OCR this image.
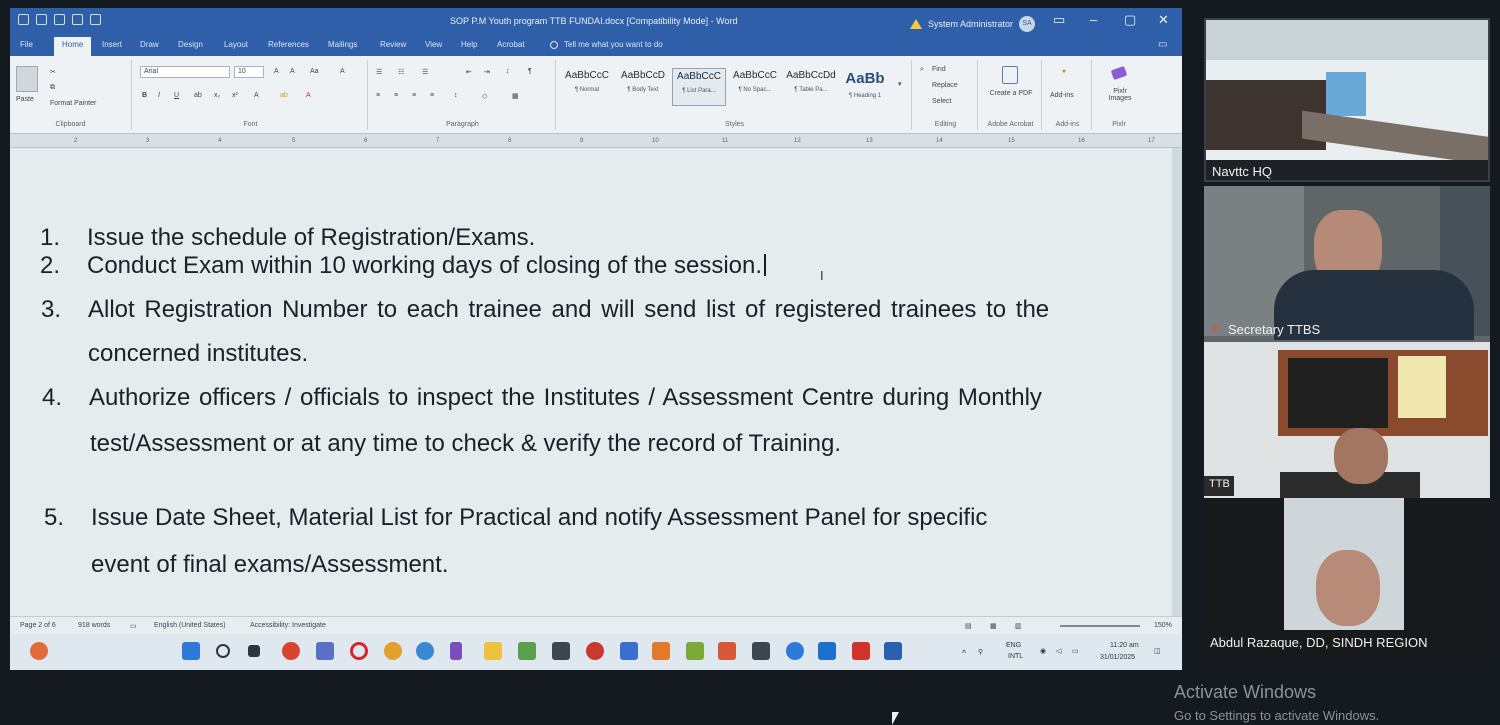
SOP P.M Youth program TTB FUNDAI.docx [Compatibility Mode] - Word	System Administrator	SA ▭ – ▢ ✕
File	Home	Insert Draw Design	Layout References Mailings	Review View Help Acrobat	Tell me what you want to do	▭
Paste
✂
⧉
Format Painter
Clipboard
Arial	10	A A Aa	A
B I U ab x₂ x² A	ab	A
Font
☰ ☷	☰	⇤ ⇥ ↕	¶
≡ ≡ ≡ ≡	↕	◇	▦
Paragraph
AaBbCcC
¶ Normal
AaBbCcD
¶ Body Text
AaBbCcC
¶ List Para...
AaBbCcC
¶ No Spac...
AaBbCcDd
¶ Table Pa...
AaBb
¶ Heading 1
▾
Styles
⌕ Find
Replace
Select
Editing
Create a PDF
Adobe Acrobat
●
Add-ins
Add-ins
Pixlr Images
Pixlr
2	3	4	5	6	7	8	9	10	11	12	13	14	15	16	17
1. Issue the schedule of Registration/Exams.
2. Conduct Exam within 10 working days of closing of the session.
3. Allot Registration Number to each trainee and will send list of registered trainees to the
concerned institutes.
4. Authorize officers / officials to inspect the Institutes / Assessment Centre during Monthly
test/Assessment or at any time to check & verify the record of Training.
5. Issue Date Sheet, Material List for Practical and notify Assessment Panel for specific
event of final exams/Assessment.
I
Page 2 of 6	918 words	▭ English (United States)	Accessibility: Investigate	▤	▦	▥	150%
^ ⚲
ENG
INTL
◉ ◁ ▭
11:20 am
31/01/2025
◫
Navttc HQ
✕ Secretary TTBS
TTB
Abdul Razaque, DD, SINDH REGION
Activate Windows
Go to Settings to activate Windows.
